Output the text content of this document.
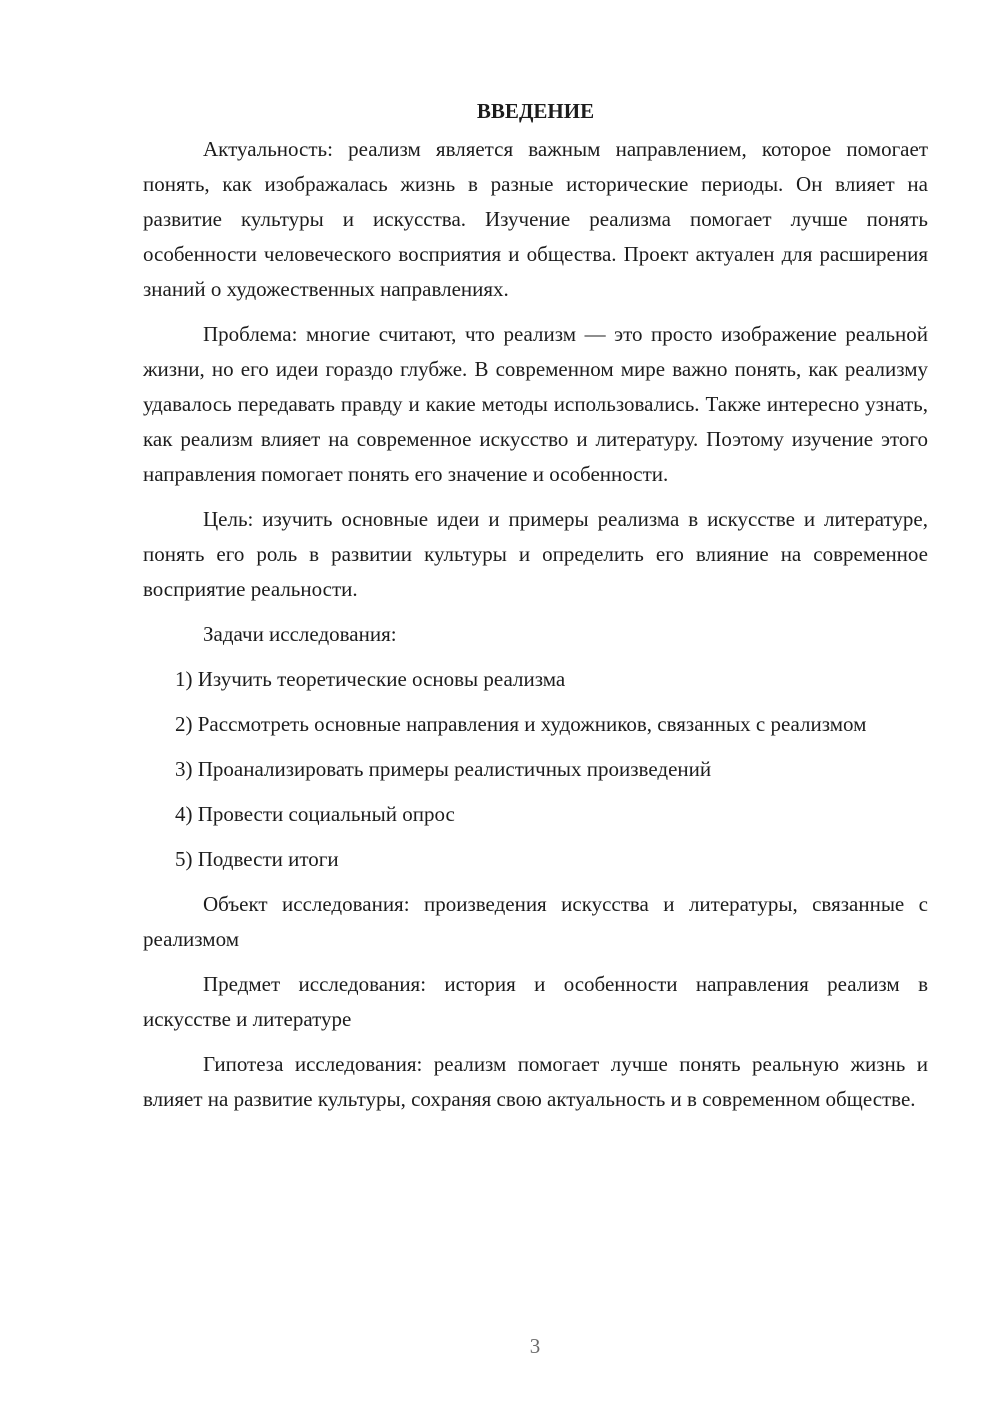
ВВЕДЕНИЕ

Актуальность: реализм является важным направлением, которое помогает понять, как изображалась жизнь в разные исторические периоды. Он влияет на развитие культуры и искусства. Изучение реализма помогает лучше понять особенности человеческого восприятия и общества. Проект актуален для расширения знаний о художественных направлениях.

Проблема: многие считают, что реализм — это просто изображение реальной жизни, но его идеи гораздо глубже. В современном мире важно понять, как реализму удавалось передавать правду и какие методы использовались. Также интересно узнать, как реализм влияет на современное искусство и литературу. Поэтому изучение этого направления помогает понять его значение и особенности.

Цель: изучить основные идеи и примеры реализма в искусстве и литературе, понять его роль в развитии культуры и определить его влияние на современное восприятие реальности.

Задачи исследования:

1) Изучить теоретические основы реализма

2) Рассмотреть основные направления и художников, связанных с реализмом

3) Проанализировать примеры реалистичных произведений

4) Провести социальный опрос

5) Подвести итоги

Объект исследования: произведения искусства и литературы, связанные с реализмом

Предмет исследования: история и особенности направления реализм в искусстве и литературе

Гипотеза исследования: реализм помогает лучше понять реальную жизнь и влияет на развитие культуры, сохраняя свою актуальность и в современном обществе.

3
